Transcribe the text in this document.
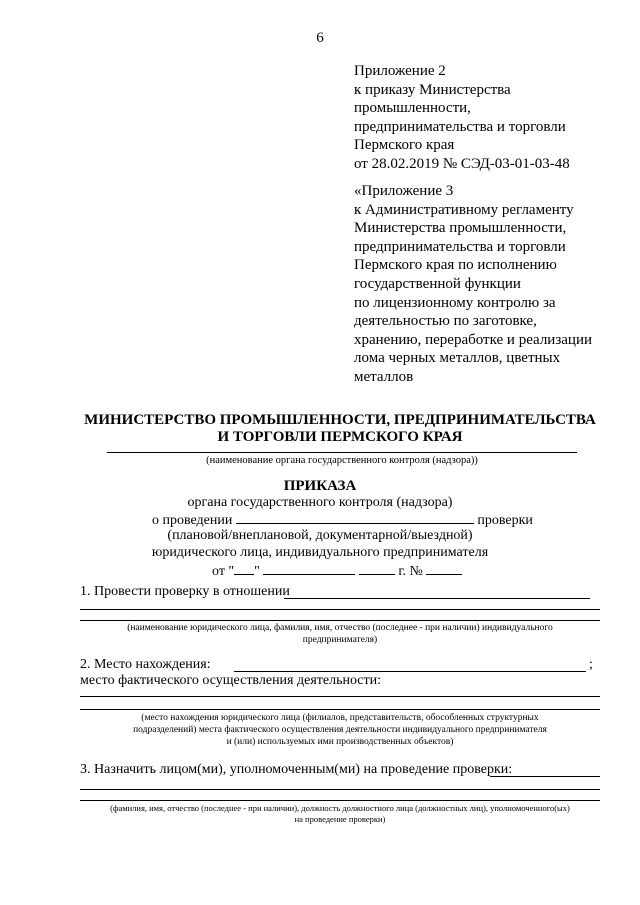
6
Приложение 2
к приказу Министерства
промышленности,
предпринимательства и торговли
Пермского края
от 28.02.2019 № СЭД-03-01-03-48
«Приложение 3
к Административному регламенту
Министерства промышленности,
предпринимательства и торговли
Пермского края по исполнению
государственной функции
по лицензионному контролю за
деятельностью по заготовке,
хранению, переработке и реализации
лома черных металлов, цветных
металлов
МИНИСТЕРСТВО ПРОМЫШЛЕННОСТИ, ПРЕДПРИНИМАТЕЛЬСТВА
И ТОРГОВЛИ ПЕРМСКОГО КРАЯ
(наименование органа государственного контроля (надзора))
ПРИКАЗА
органа государственного контроля (надзора)
о проведении	проверки
(плановой/внеплановой, документарной/выездной)
юридического лица, индивидуального предпринимателя
от " "	г. №
1. Провести проверку в отношении
(наименование юридического лица, фамилия, имя, отчество (последнее - при наличии) индивидуального
предпринимателя)
2. Место нахождения:	;
место фактического осуществления деятельности:
(место нахождения юридического лица (филиалов, представительств, обособленных структурных
подразделений) места фактического осуществления деятельности индивидуального предпринимателя
и (или) используемых ими производственных объектов)
3. Назначить лицом(ми), уполномоченным(ми) на проведение проверки:
(фамилия, имя, отчество (последнее - при наличии), должность должностного лица (должностных лиц), уполномоченного(ых)
на проведение проверки)
